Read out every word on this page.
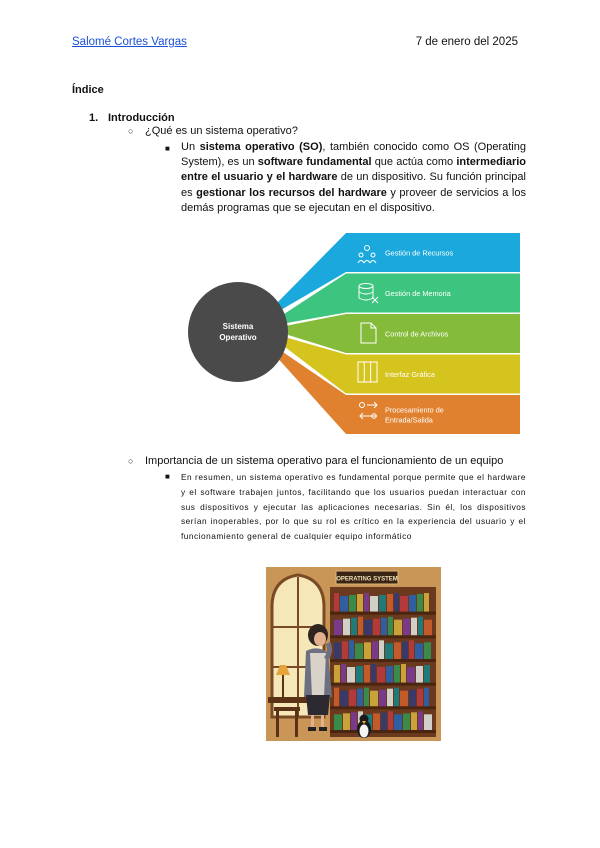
Salomé Cortes Vargas	7 de enero del 2025
Índice
1. Introducción
○ ¿Qué es un sistema operativo?
■ Un sistema operativo (SO), también conocido como OS (Operating System), es un software fundamental que actúa como intermediario entre el usuario y el hardware de un dispositivo. Su función principal es gestionar los recursos del hardware y proveer de servicios a los demás programas que se ejecutan en el dispositivo.
Sistema
Operativo
Gestión de Recursos
Gestión de Memoria
Control de Archivos
Interfaz Gráfica
Procesamiento de
Entrada/Salida
○ Importancia de un sistema operativo para el funcionamiento de un equipo
■ En resumen, un sistema operativo es fundamental porque permite que el hardware y el software trabajen juntos, facilitando que los usuarios puedan interactuar con sus dispositivos y ejecutar las aplicaciones necesarias. Sin él, los dispositivos serían inoperables, por lo que su rol es crítico en la experiencia del usuario y el funcionamiento general de cualquier equipo informático
OPERATING SYSTEM
